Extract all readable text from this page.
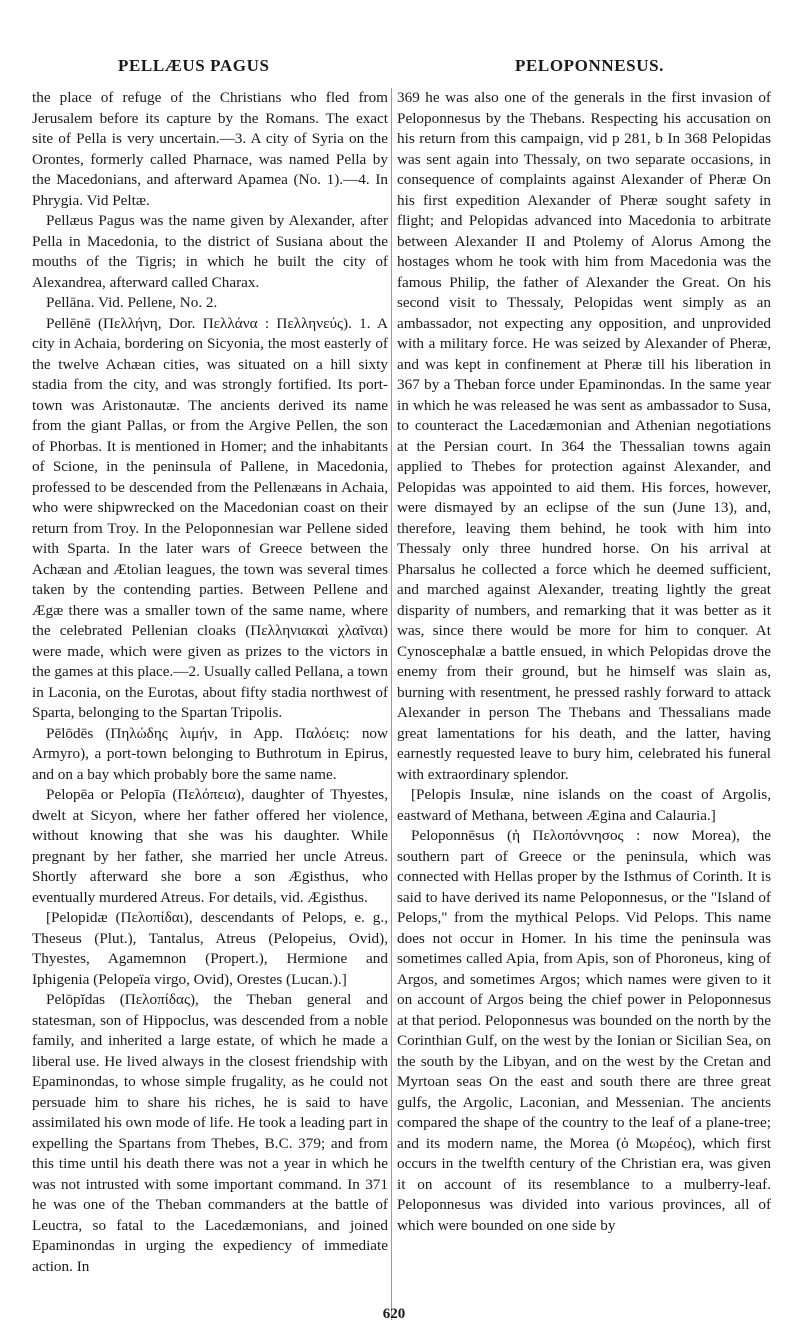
PELLÆUS PAGUS	PELOPONNESUS.

the place of refuge of the Christians who fled from Jerusalem before its capture by the Romans. The exact site of Pella is very uncertain.—3. A city of Syria on the Orontes, formerly called Pharnace, was named Pella by the Macedonians, and afterward Apamea (No. 1).—4. In Phrygia. Vid Peltæ.

Pellæus Pagus was the name given by Alexander, after Pella in Macedonia, to the district of Susiana about the mouths of the Tigris; in which he built the city of Alexandrea, afterward called Charax.

Pellāna. Vid. Pellene, No. 2.

Pellēnē (Πελλήνη, Dor. Πελλάνα : Πελληνεύς). 1. A city in Achaia, bordering on Sicyonia, the most easterly of the twelve Achæan cities, was situated on a hill sixty stadia from the city, and was strongly fortified. Its port-town was Aristonautæ. The ancients derived its name from the giant Pallas, or from the Argive Pellen, the son of Phorbas. It is mentioned in Homer; and the inhabitants of Scione, in the peninsula of Pallene, in Macedonia, professed to be descended from the Pellenæans in Achaia, who were shipwrecked on the Macedonian coast on their return from Troy. In the Peloponnesian war Pellene sided with Sparta. In the later wars of Greece between the Achæan and Ætolian leagues, the town was several times taken by the contending parties. Between Pellene and Ægæ there was a smaller town of the same name, where the celebrated Pellenian cloaks (Πελληνιακαὶ χλαῖναι) were made, which were given as prizes to the victors in the games at this place.—2. Usually called Pellana, a town in Laconia, on the Eurotas, about fifty stadia northwest of Sparta, belonging to the Spartan Tripolis.

Pēlōdēs (Πηλώδης λιμήν, in App. Παλόεις: now Armyro), a port-town belonging to Buthrotum in Epirus, and on a bay which probably bore the same name.

Pelopēa or Pelopīa (Πελόπεια), daughter of Thyestes, dwelt at Sicyon, where her father offered her violence, without knowing that she was his daughter. While pregnant by her father, she married her uncle Atreus. Shortly afterward she bore a son Ægisthus, who eventually murdered Atreus. For details, vid. Ægisthus.

[Pelopidæ (Πελοπίδαι), descendants of Pelops, e. g., Theseus (Plut.), Tantalus, Atreus (Pelopeius, Ovid), Thyestes, Agamemnon (Propert.), Hermione and Iphigenia (Pelopeïa virgo, Ovid), Orestes (Lucan.).]

Pelōpĭdas (Πελοπίδας), the Theban general and statesman, son of Hippoclus, was descended from a noble family, and inherited a large estate, of which he made a liberal use. He lived always in the closest friendship with Epaminondas, to whose simple frugality, as he could not persuade him to share his riches, he is said to have assimilated his own mode of life. He took a leading part in expelling the Spartans from Thebes, B.C. 379; and from this time until his death there was not a year in which he was not intrusted with some important command. In 371 he was one of the Theban commanders at the battle of Leuctra, so fatal to the Lacedæmonians, and joined Epaminondas in urging the expediency of immediate action. In

369 he was also one of the generals in the first invasion of Peloponnesus by the Thebans. Respecting his accusation on his return from this campaign, vid p 281, b In 368 Pelopidas was sent again into Thessaly, on two separate occasions, in consequence of complaints against Alexander of Pheræ On his first expedition Alexander of Pheræ sought safety in flight; and Pelopidas advanced into Macedonia to arbitrate between Alexander II and Ptolemy of Alorus Among the hostages whom he took with him from Macedonia was the famous Philip, the father of Alexander the Great. On his second visit to Thessaly, Pelopidas went simply as an ambassador, not expecting any opposition, and unprovided with a military force. He was seized by Alexander of Pheræ, and was kept in confinement at Pheræ till his liberation in 367 by a Theban force under Epaminondas. In the same year in which he was released he was sent as ambassador to Susa, to counteract the Lacedæmonian and Athenian negotiations at the Persian court. In 364 the Thessalian towns again applied to Thebes for protection against Alexander, and Pelopidas was appointed to aid them. His forces, however, were dismayed by an eclipse of the sun (June 13), and, therefore, leaving them behind, he took with him into Thessaly only three hundred horse. On his arrival at Pharsalus he collected a force which he deemed sufficient, and marched against Alexander, treating lightly the great disparity of numbers, and remarking that it was better as it was, since there would be more for him to conquer. At Cynoscephalæ a battle ensued, in which Pelopidas drove the enemy from their ground, but he himself was slain as, burning with resentment, he pressed rashly forward to attack Alexander in person The Thebans and Thessalians made great lamentations for his death, and the latter, having earnestly requested leave to bury him, celebrated his funeral with extraordinary splendor.

[Pelopis Insulæ, nine islands on the coast of Argolis, eastward of Methana, between Ægina and Calauria.]

Peloponnēsus (ἡ Πελοπόννησος : now Morea), the southern part of Greece or the peninsula, which was connected with Hellas proper by the Isthmus of Corinth. It is said to have derived its name Peloponnesus, or the "Island of Pelops," from the mythical Pelops. Vid Pelops. This name does not occur in Homer. In his time the peninsula was sometimes called Apia, from Apis, son of Phoroneus, king of Argos, and sometimes Argos; which names were given to it on account of Argos being the chief power in Peloponnesus at that period. Peloponnesus was bounded on the north by the Corinthian Gulf, on the west by the Ionian or Sicilian Sea, on the south by the Libyan, and on the west by the Cretan and Myrtoan seas On the east and south there are three great gulfs, the Argolic, Laconian, and Messenian. The ancients compared the shape of the country to the leaf of a plane-tree; and its modern name, the Morea (ὁ Μωρέος), which first occurs in the twelfth century of the Christian era, was given it on account of its resemblance to a mulberry-leaf. Peloponnesus was divided into various provinces, all of which were bounded on one side by

620
